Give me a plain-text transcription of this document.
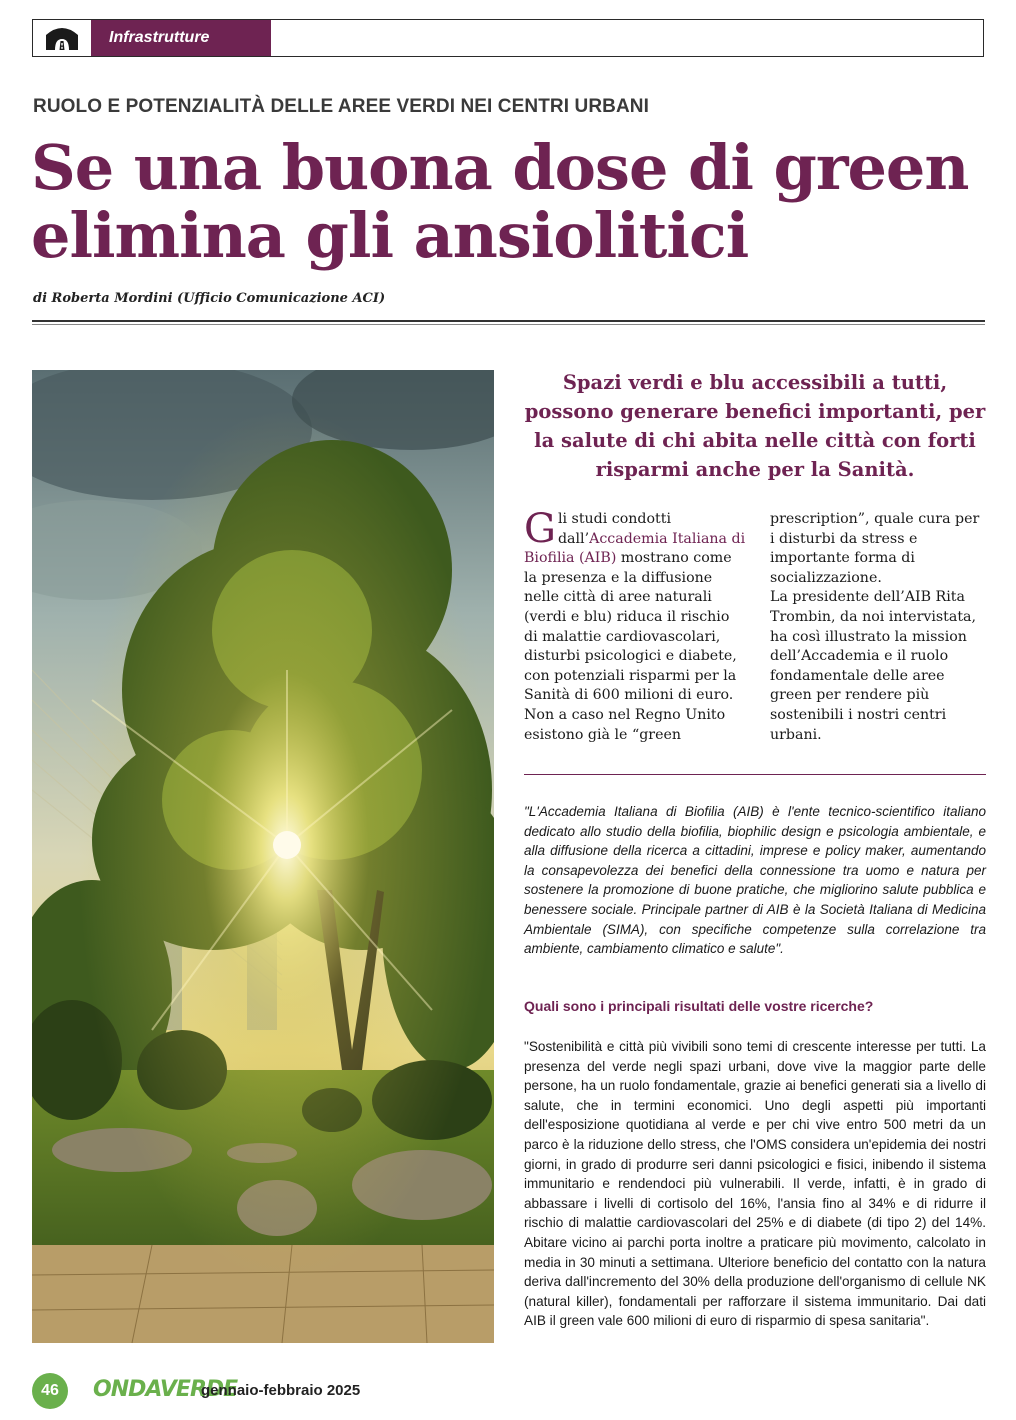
Infrastrutture
RUOLO E POTENZIALITÀ DELLE AREE VERDI NEI CENTRI URBANI
Se una buona dose di green elimina gli ansiolitici
di Roberta Mordini (Ufficio Comunicazione ACI)

Spazi verdi e blu accessibili a tutti, possono generare benefici importanti, per la salute di chi abita nelle città con forti risparmi anche per la Sanità.

Gli studi condotti dall’Accademia Italiana di Biofilia (AIB) mostrano come la presenza e la diffusione nelle città di aree naturali (verdi e blu) riduca il rischio di malattie cardiovascolari, disturbi psicologici e diabete, con potenziali risparmi per la Sanità di 600 milioni di euro. Non a caso nel Regno Unito esistono già le “green
prescription”, quale cura per i disturbi da stress e importante forma di socializzazione.
La presidente dell’AIB Rita Trombin, da noi intervistata, ha così illustrato la mission dell’Accademia e il ruolo fondamentale delle aree green per rendere più sostenibili i nostri centri urbani.

"L'Accademia Italiana di Biofilia (AIB) è l'ente tecnico-scientifico italiano dedicato allo studio della biofilia, biophilic design e psicologia ambientale, e alla diffusione della ricerca a cittadini, imprese e policy maker, aumentando la consapevolezza dei benefici della connessione tra uomo e natura per sostenere la promozione di buone pratiche, che migliorino salute pubblica e benessere sociale. Principale partner di AIB è la Società Italiana di Medicina Ambientale (SIMA), con specifiche competenze sulla correlazione tra ambiente, cambiamento climatico e salute".

Quali sono i principali risultati delle vostre ricerche?

"Sostenibilità e città più vivibili sono temi di crescente interesse per tutti. La presenza del verde negli spazi urbani, dove vive la maggior parte delle persone, ha un ruolo fondamentale, grazie ai benefici generati sia a livello di salute, che in termini economici. Uno degli aspetti più importanti dell'esposizione quotidiana al verde e per chi vive entro 500 metri da un parco è la riduzione dello stress, che l'OMS considera un'epidemia dei nostri giorni, in grado di produrre seri danni psicologici e fisici, inibendo il sistema immunitario e rendendoci più vulnerabili. Il verde, infatti, è in grado di abbassare i livelli di cortisolo del 16%, l'ansia fino al 34% e di ridurre il rischio di malattie cardiovascolari del 25% e di diabete (di tipo 2) del 14%. Abitare vicino ai parchi porta inoltre a praticare più movimento, calcolato in media in 30 minuti a settimana. Ulteriore beneficio del contatto con la natura deriva dall'incremento del 30% della produzione dell'organismo di cellule NK (natural killer), fondamentali per rafforzare il sistema immunitario. Dai dati AIB il green vale 600 milioni di euro di risparmio di spesa sanitaria".

46	ONDAVERDE
gennaio-febbraio 2025
